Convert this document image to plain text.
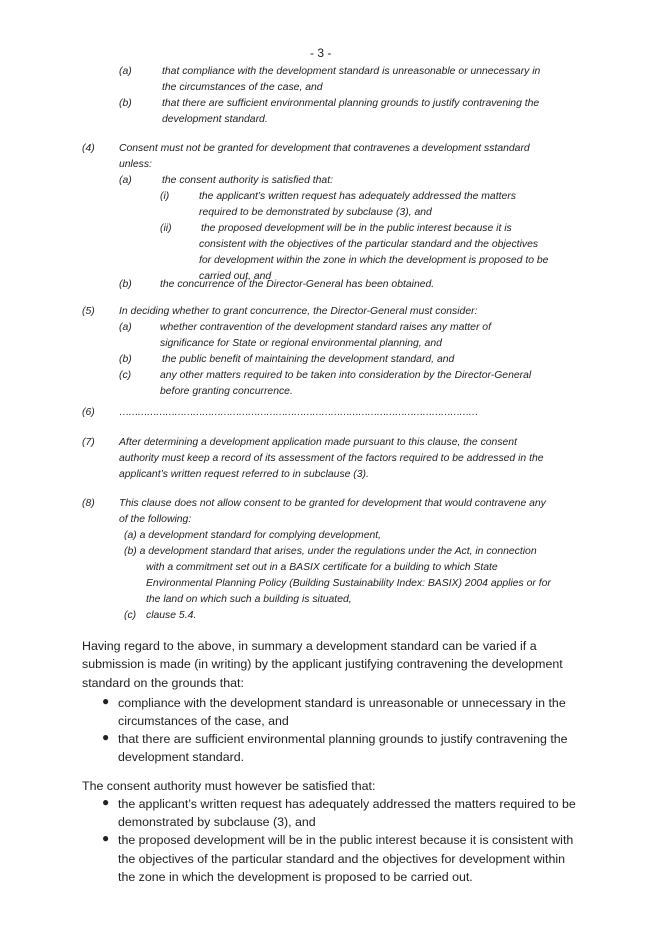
- 3 -
(a)	that compliance with the development standard is unreasonable or unnecessary in
the circumstances of the case, and
(b)	that there are sufficient environmental planning grounds to justify contravening the
development standard.
(4) Consent must not be granted for development that contravenes a development sstandard
unless:
(a)	the consent authority is satisfied that:
(i)	the applicant’s written request has adequately addressed the matters
required to be demonstrated by subclause (3), and
(ii)	the proposed development will be in the public interest because it is
consistent with the objectives of the particular standard and the objectives
for development within the zone in which the development is proposed to be
carried out, and
(b)	the concurrence of the Director-General has been obtained.
(5) In deciding whether to grant concurrence, the Director-General must consider:
(a)	whether contravention of the development standard raises any matter of
significance for State or regional environmental planning, and
(b)	the public benefit of maintaining the development standard, and
(c)	any other matters required to be taken into consideration by the Director-General
before granting concurrence.
(6) ………………………………………………………………………………………………………
(7) After determining a development application made pursuant to this clause, the consent
authority must keep a record of its assessment of the factors required to be addressed in the
applicant’s written request referred to in subclause (3).
(8) This clause does not allow consent to be granted for development that would contravene any
of the following:
(a) a development standard for complying development,
(b) a development standard that arises, under the regulations under the Act, in connection
with a commitment set out in a BASIX certificate for a building to which State
Environmental Planning Policy (Building Sustainability Index: BASIX) 2004 applies or for
the land on which such a building is situated,
(c) clause 5.4.
Having regard to the above, in summary a development standard can be varied if a
submission is made (in writing) by the applicant justifying contravening the development
standard on the grounds that:
● compliance with the development standard is unreasonable or unnecessary in the
circumstances of the case, and
● that there are sufficient environmental planning grounds to justify contravening the
development standard.
The consent authority must however be satisfied that:
● the applicant’s written request has adequately addressed the matters required to be
demonstrated by subclause (3), and
● the proposed development will be in the public interest because it is consistent with
the objectives of the particular standard and the objectives for development within
the zone in which the development is proposed to be carried out.
